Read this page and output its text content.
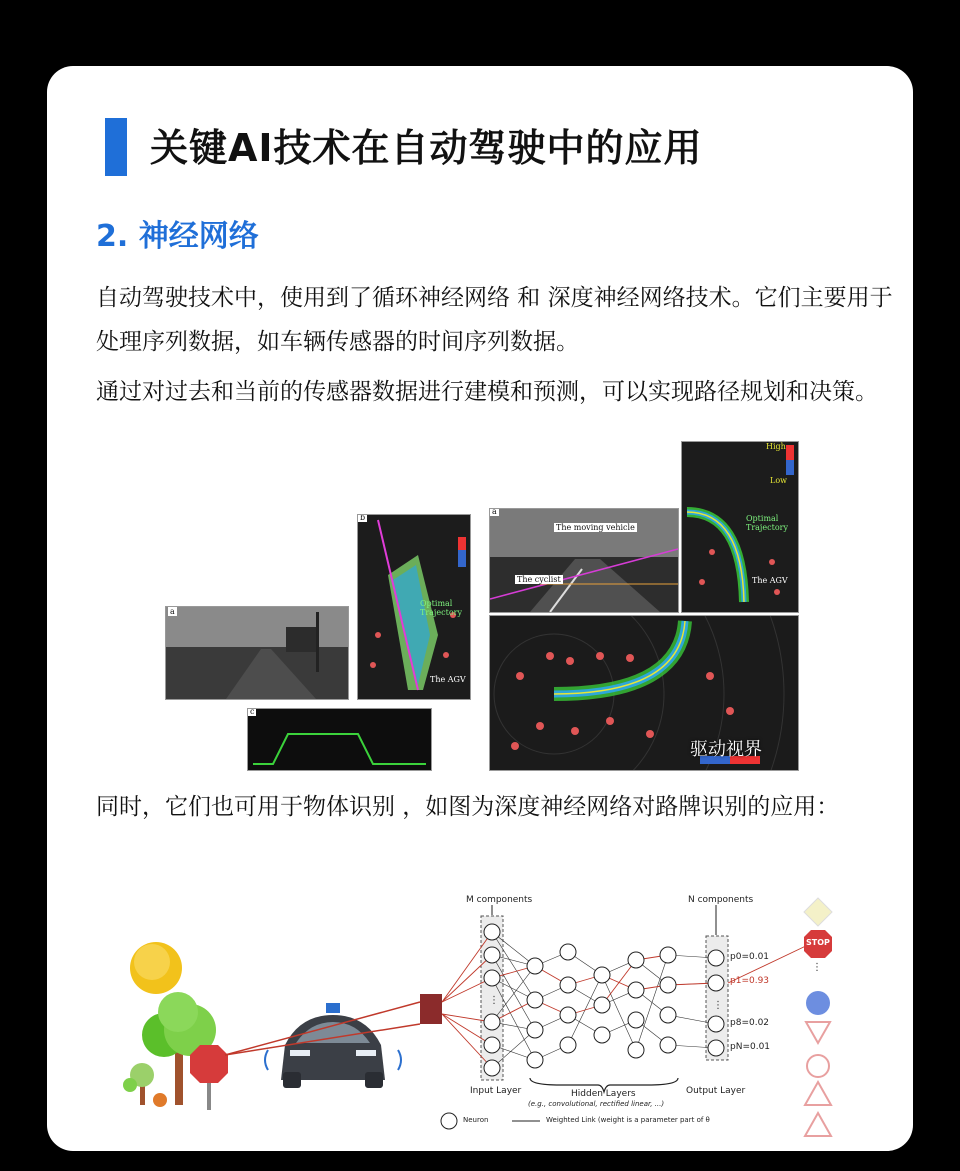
关键AI技术在自动驾驶中的应用
2. 神经网络
自动驾驶技术中，使用到了循环神经网络 和 深度神经网络技术。它们主要用于处理序列数据，如车辆传感器的时间序列数据。
通过对过去和当前的传感器数据进行建模和预测，可以实现路径规划和决策。
a
b
Optimal Trajectory
The AGV
c
a
The moving vehicle
The cyclist
High
Low
Optimal Trajectory
The AGV
驱动视界
同时，它们也可用于物体识别 ，如图为深度神经网络对路牌识别的应用：
⋮	⋮
⋮
M components	N components
p0=0.01
p1=0.93
p8=0.02
pN=0.01
Input Layer	Hidden Layers
(e.g., convolutional, rectified linear, ...)
Output Layer
Neuron	Weighted Link (weight is a parameter part of θ
STOP
